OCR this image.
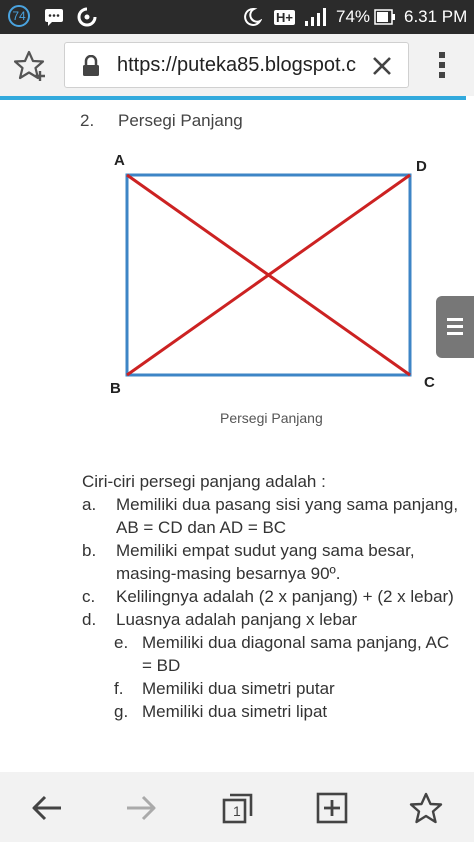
74	H+	74% 6.31 PM
https://puteka85.blogspot.c
2. Persegi Panjang
A	D
B	C
Persegi Panjang

Ciri-ciri persegi panjang adalah :

a.	Memiliki dua pasang sisi yang sama panjang, AB = CD dan AD = BC
b.	Memiliki empat sudut yang sama besar, masing-masing besarnya 90º.
c.	Kelilingnya adalah (2 x panjang) + (2 x lebar)
d.	Luasnya adalah panjang x lebar
e. Memiliki dua diagonal sama panjang, AC = BD
f.	Memiliki dua simetri putar
g. Memiliki dua simetri lipat
1
